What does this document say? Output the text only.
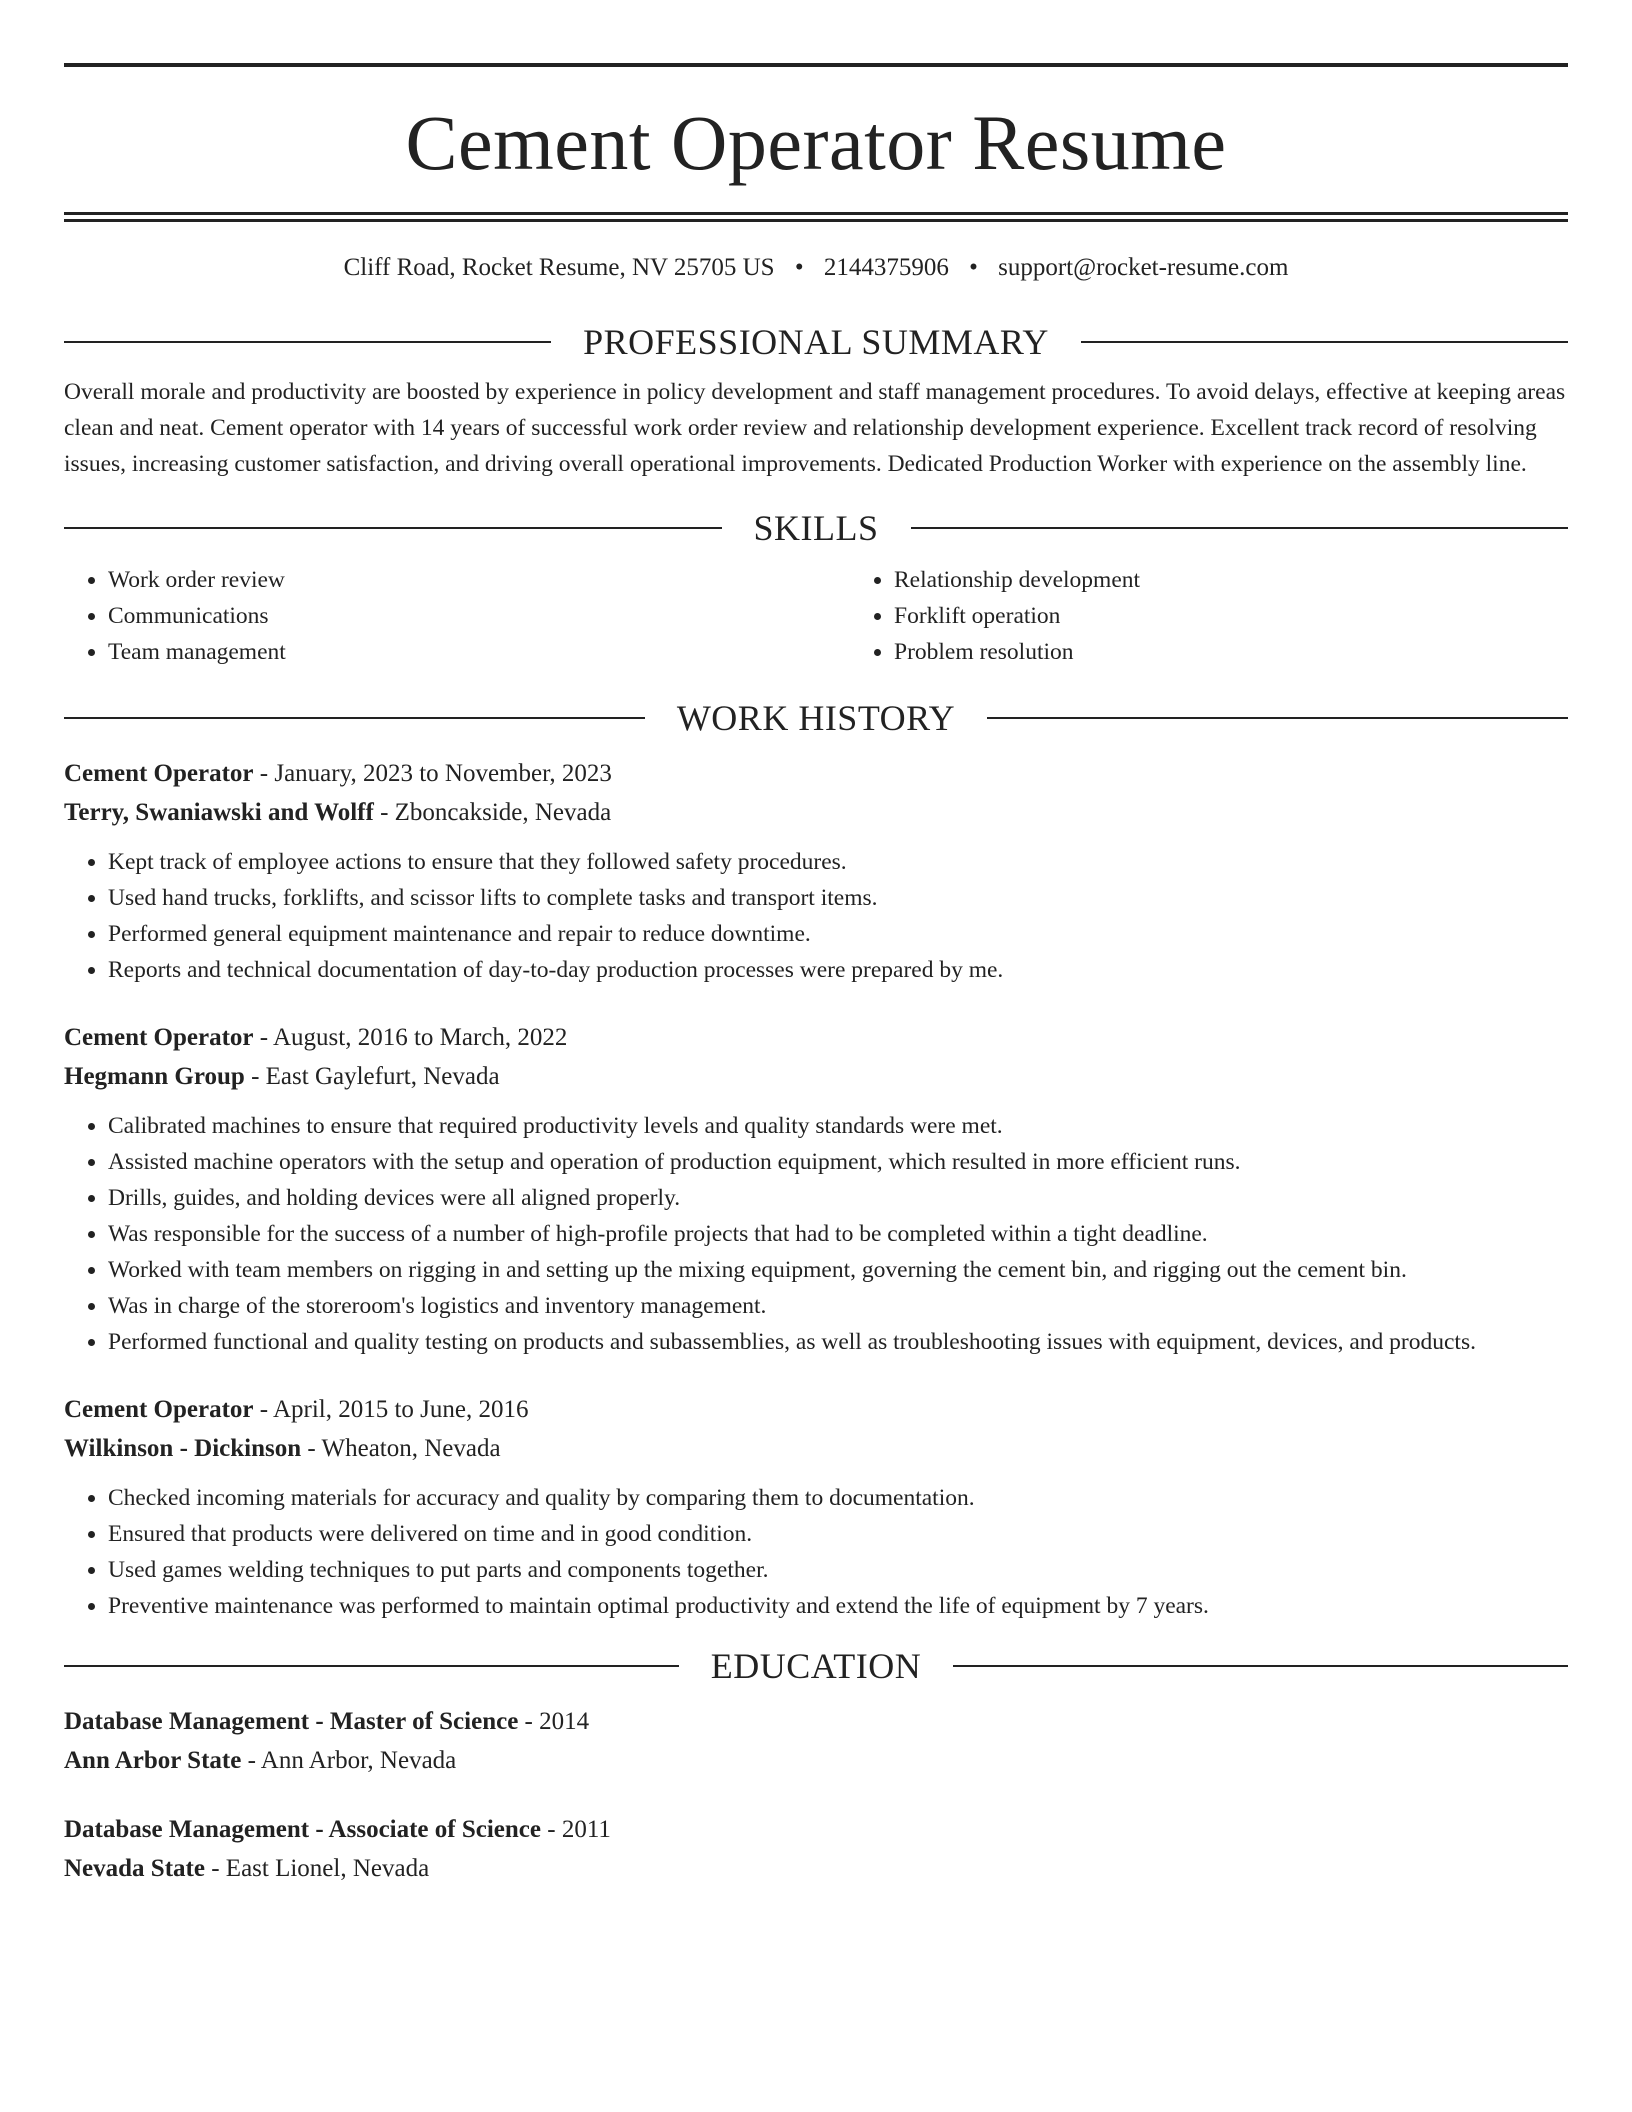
Cement Operator Resume
Cliff Road, Rocket Resume, NV 25705 US • 2144375906 • support@rocket-resume.com
PROFESSIONAL SUMMARY
Overall morale and productivity are boosted by experience in policy development and staff management procedures. To avoid delays, effective at keeping areas clean and neat. Cement operator with 14 years of successful work order review and relationship development experience. Excellent track record of resolving issues, increasing customer satisfaction, and driving overall operational improvements. Dedicated Production Worker with experience on the assembly line.
SKILLS
• Work order review
• Communications
• Team management
• Relationship development
• Forklift operation
• Problem resolution
WORK HISTORY
Cement Operator - January, 2023 to November, 2023
Terry, Swaniawski and Wolff - Zboncakside, Nevada
• Kept track of employee actions to ensure that they followed safety procedures.
• Used hand trucks, forklifts, and scissor lifts to complete tasks and transport items.
• Performed general equipment maintenance and repair to reduce downtime.
• Reports and technical documentation of day-to-day production processes were prepared by me.
Cement Operator - August, 2016 to March, 2022
Hegmann Group - East Gaylefurt, Nevada
• Calibrated machines to ensure that required productivity levels and quality standards were met.
• Assisted machine operators with the setup and operation of production equipment, which resulted in more efficient runs.
• Drills, guides, and holding devices were all aligned properly.
• Was responsible for the success of a number of high-profile projects that had to be completed within a tight deadline.
• Worked with team members on rigging in and setting up the mixing equipment, governing the cement bin, and rigging out the cement bin.
• Was in charge of the storeroom's logistics and inventory management.
• Performed functional and quality testing on products and subassemblies, as well as troubleshooting issues with equipment, devices, and products.
Cement Operator - April, 2015 to June, 2016
Wilkinson - Dickinson - Wheaton, Nevada
• Checked incoming materials for accuracy and quality by comparing them to documentation.
• Ensured that products were delivered on time and in good condition.
• Used games welding techniques to put parts and components together.
• Preventive maintenance was performed to maintain optimal productivity and extend the life of equipment by 7 years.
EDUCATION
Database Management - Master of Science - 2014
Ann Arbor State - Ann Arbor, Nevada
Database Management - Associate of Science - 2011
Nevada State - East Lionel, Nevada
